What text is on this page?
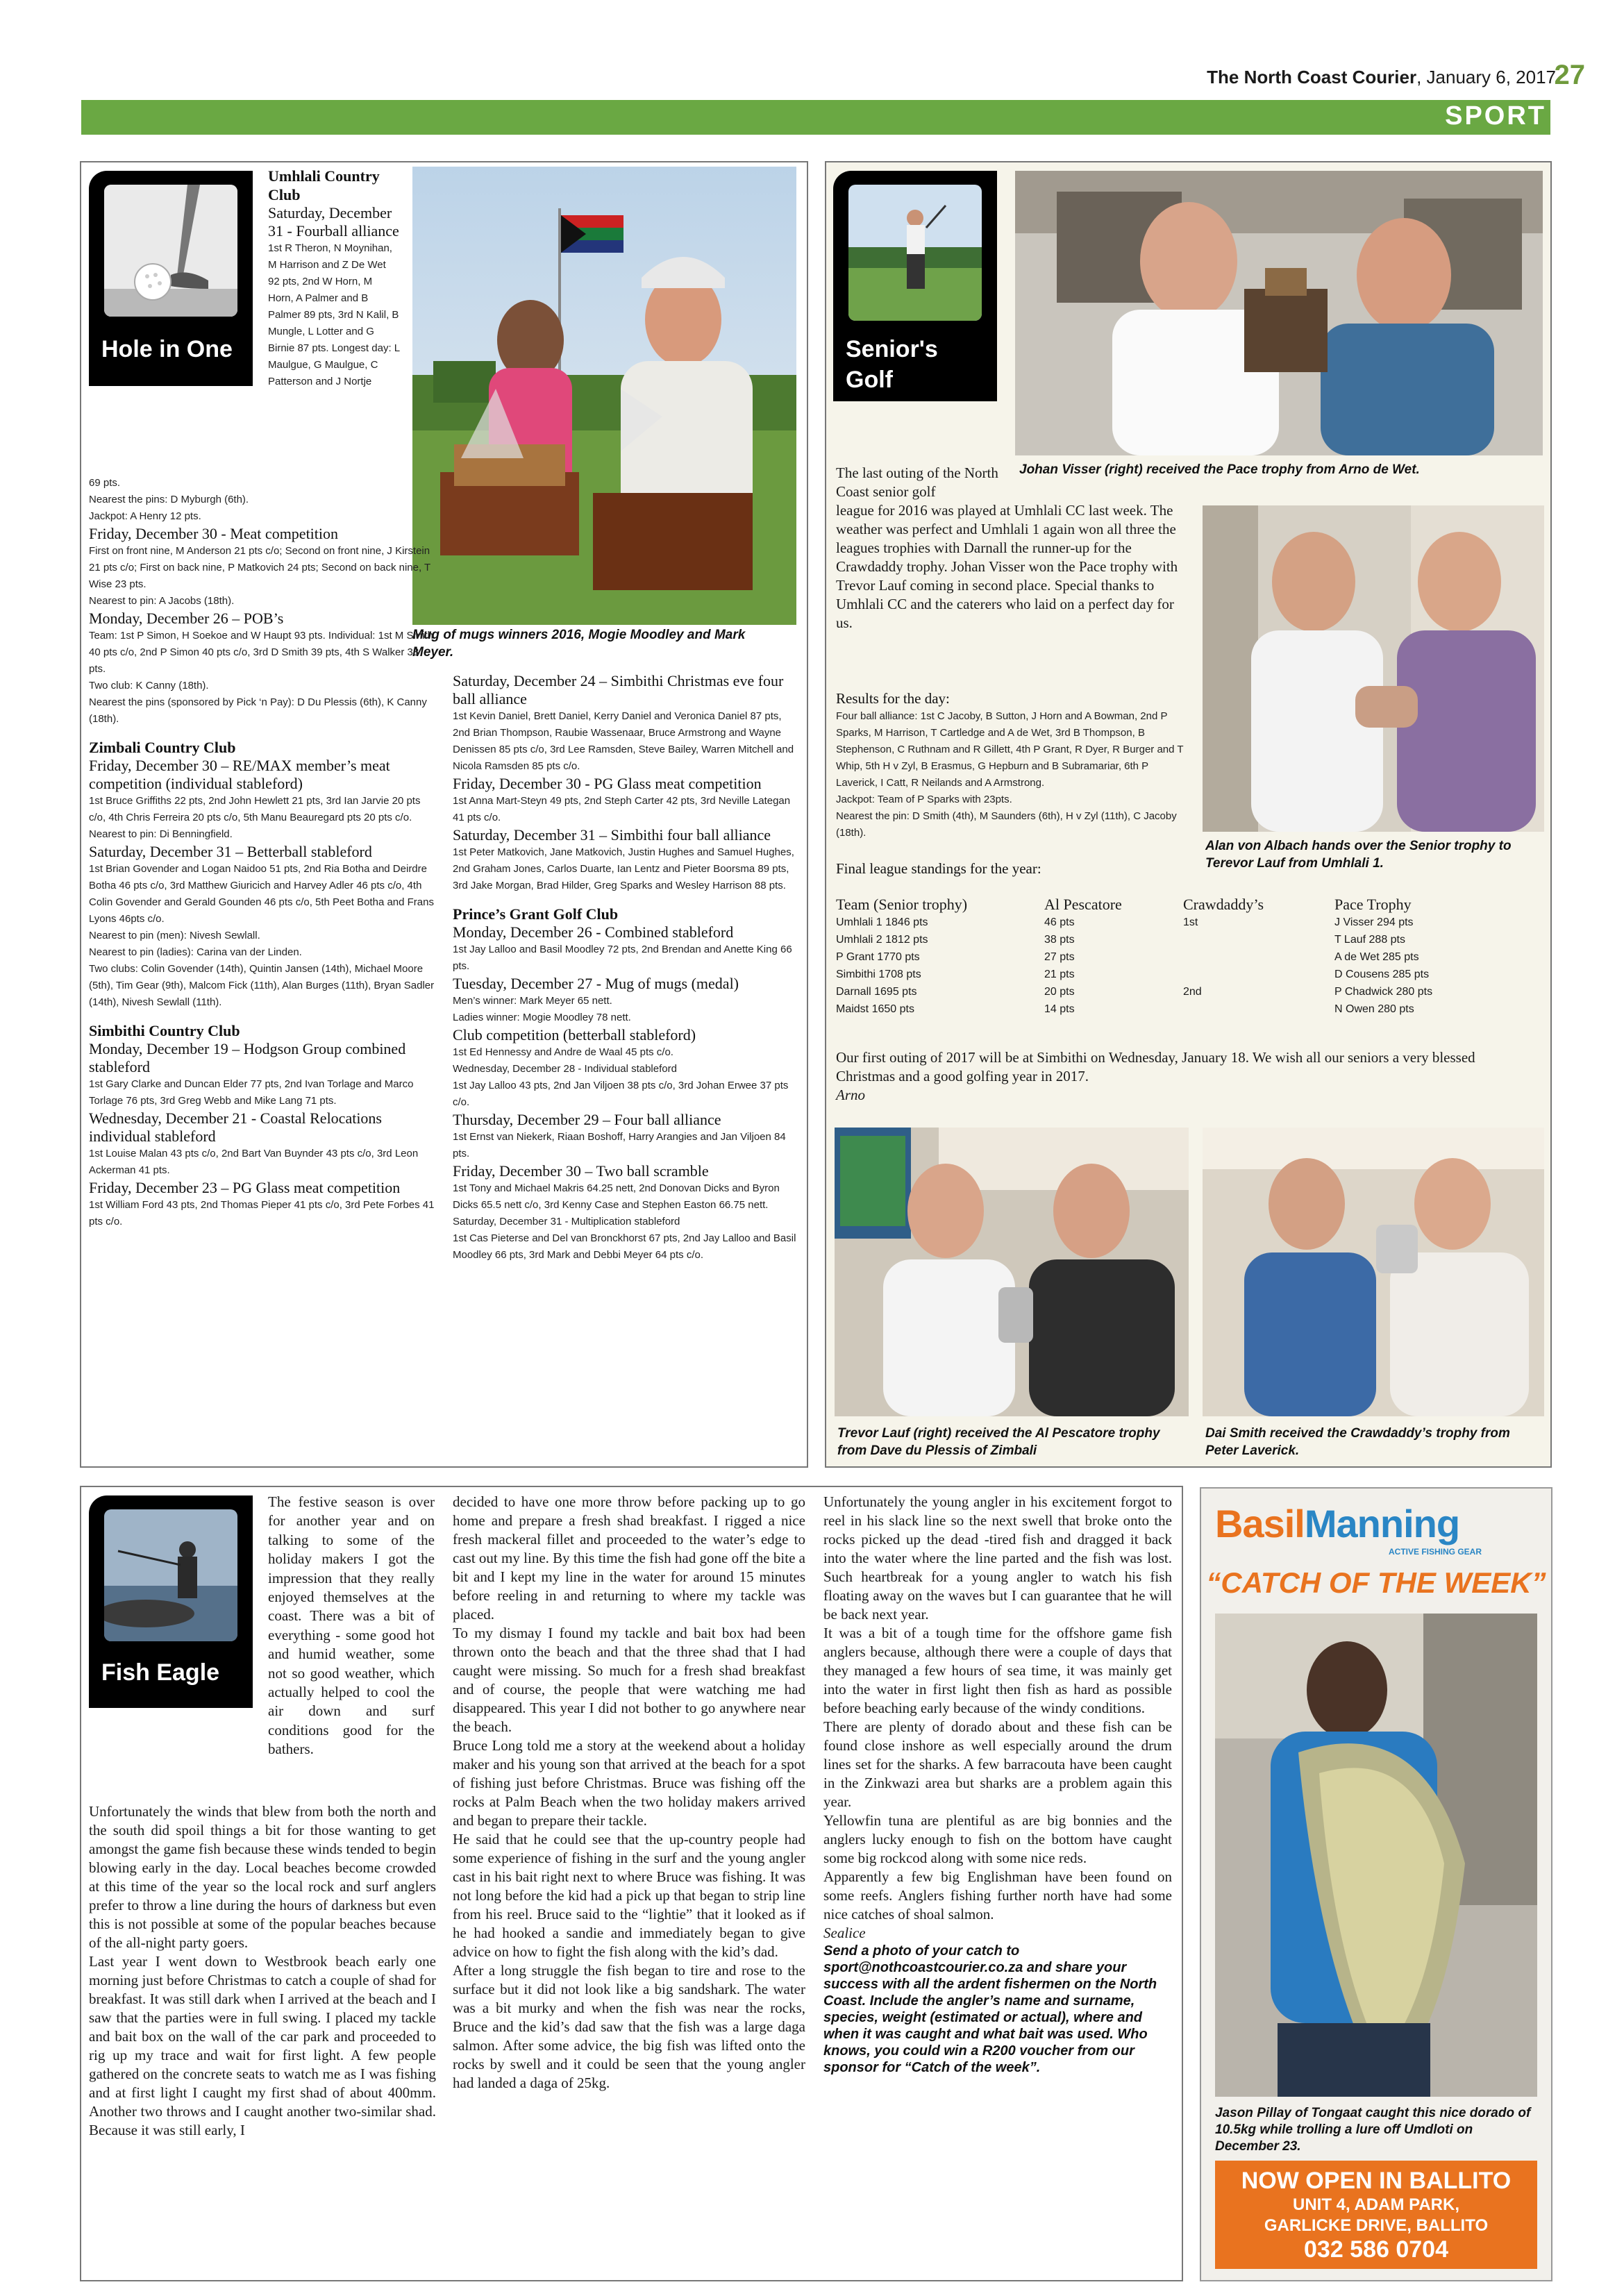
The North Coast Courier, January 6, 2017
27
SPORT
Hole in One
Umhlali Country Club
Saturday, December 31 - Fourball alliance
1st R Theron, N Moynihan, M Harrison and Z De Wet 92 pts, 2nd W Horn, M Horn, A Palmer and B Palmer 89 pts, 3rd N Kalil, B Mungle, L Lotter and G Birnie 87 pts. Longest day: L Maulgue, G Maulgue, C Patterson and J Nortje
Mug of mugs winners 2016, Mogie Moodley and Mark Meyer.
69 pts.
Nearest the pins: D Myburgh (6th).
Jackpot: A Henry 12 pts.
Friday, December 30 - Meat competition
First on front nine, M Anderson 21 pts c/o; Second on front nine, J Kirstein 21 pts c/o; First on back nine, P Matkovich 24 pts; Second on back nine, T Wise 23 pts.
Nearest to pin: A Jacobs (18th).
Monday, December 26 – POB’s
Team: 1st P Simon, H Soekoe and W Haupt 93 pts. Individual: 1st M Smith 40 pts c/o, 2nd P Simon 40 pts c/o, 3rd D Smith 39 pts, 4th S Walker 38 pts.
Two club: K Canny (18th).
Nearest the pins (sponsored by Pick ‘n Pay): D Du Plessis (6th), K Canny (18th).
Zimbali Country Club
Friday, December 30 – RE/MAX member’s meat competition (individual stableford)
1st Bruce Griffiths 22 pts, 2nd John Hewlett 21 pts, 3rd Ian Jarvie 20 pts c/o, 4th Chris Ferreira 20 pts c/o, 5th Manu Beauregard pts 20 pts c/o.
Nearest to pin: Di Benningfield.
Saturday, December 31 – Betterball stableford
1st Brian Govender and Logan Naidoo 51 pts, 2nd Ria Botha and Deirdre Botha 46 pts c/o, 3rd Matthew Giuricich and Harvey Adler 46 pts c/o, 4th Colin Govender and Gerald Gounden 46 pts c/o, 5th Peet Botha and Frans Lyons 46pts c/o.
Nearest to pin (men): Nivesh Sewlall.
Nearest to pin (ladies): Carina van der Linden.
Two clubs: Colin Govender (14th), Quintin Jansen (14th), Michael Moore (5th), Tim Gear (9th), Malcom Fick (11th), Alan Burges (11th), Bryan Sadler (14th), Nivesh Sewlall (11th).
Simbithi Country Club
Monday, December 19 – Hodgson Group combined stableford
1st Gary Clarke and Duncan Elder 77 pts, 2nd Ivan Torlage and Marco Torlage 76 pts, 3rd Greg Webb and Mike Lang 71 pts.
Wednesday, December 21 - Coastal Relocations individual stableford
1st Louise Malan 43 pts c/o, 2nd Bart Van Buynder 43 pts c/o, 3rd Leon Ackerman 41 pts.
Friday, December 23 – PG Glass meat competition
1st William Ford 43 pts, 2nd Thomas Pieper 41 pts c/o, 3rd Pete Forbes 41 pts c/o.
Saturday, December 24 – Simbithi Christmas eve four ball alliance
1st Kevin Daniel, Brett Daniel, Kerry Daniel and Veronica Daniel 87 pts, 2nd Brian Thompson, Raubie Wassenaar, Bruce Armstrong and Wayne Denissen 85 pts c/o, 3rd Lee Ramsden, Steve Bailey, Warren Mitchell and Nicola Ramsden 85 pts c/o.
Friday, December 30 - PG Glass meat competition
1st Anna Mart-Steyn 49 pts, 2nd Steph Carter 42 pts, 3rd Neville Lategan 41 pts c/o.
Saturday, December 31 – Simbithi four ball alliance
1st Peter Matkovich, Jane Matkovich, Justin Hughes and Samuel Hughes, 2nd Graham Jones, Carlos Duarte, Ian Lentz and Pieter Boorsma 89 pts, 3rd Jake Morgan, Brad Hilder, Greg Sparks and Wesley Harrison 88 pts.
Prince’s Grant Golf Club
Monday, December 26 - Combined stableford
1st Jay Lalloo and Basil Moodley 72 pts, 2nd Brendan and Anette King 66 pts.
Tuesday, December 27 - Mug of mugs (medal)
Men’s winner: Mark Meyer 65 nett.
Ladies winner: Mogie Moodley 78 nett.
Club competition (betterball stableford)
1st Ed Hennessy and Andre de Waal 45 pts c/o.
Wednesday, December 28 - Individual stableford
1st Jay Lalloo 43 pts, 2nd Jan Viljoen 38 pts c/o, 3rd Johan Erwee 37 pts c/o.
Thursday, December 29 – Four ball alliance
1st Ernst van Niekerk, Riaan Boshoff, Harry Arangies and Jan Viljoen 84 pts.
Friday, December 30 – Two ball scramble
1st Tony and Michael Makris 64.25 nett, 2nd Donovan Dicks and Byron Dicks 65.5 nett c/o, 3rd Kenny Case and Stephen Easton 66.75 nett.
Saturday, December 31 - Multiplication stableford
1st Cas Pieterse and Del van Bronckhorst 67 pts, 2nd Jay Lalloo and Basil Moodley 66 pts, 3rd Mark and Debbi Meyer 64 pts c/o.
Senior's
Golf
Johan Visser (right) received the Pace trophy from Arno de Wet.
The last outing of the North Coast senior golf
league for 2016 was played at Umhlali CC last week. The weather was perfect and Umhlali 1 again won all three the leagues trophies with Darnall the runner-up for the Crawdaddy trophy. Johan Visser won the Pace trophy with Trevor Lauf coming in second place. Special thanks to Umhlali CC and the caterers who laid on a perfect day for us.
Results for the day:
Four ball alliance: 1st C Jacoby, B Sutton, J Horn and A Bowman, 2nd P Sparks, M Harrison, T Cartledge and A de Wet, 3rd B Thompson, B Stephenson, C Ruthnam and R Gillett, 4th P Grant, R Dyer, R Burger and T Whip, 5th H v Zyl, B Erasmus, G Hepburn and B Subramariar, 6th P Laverick, I Catt, R Neilands and A Armstrong.
Jackpot: Team of P Sparks with 23pts.
Nearest the pin: D Smith (4th), M Saunders (6th), H v Zyl (11th), C Jacoby (18th).
Alan von Albach hands over the Senior trophy to Terevor Lauf from Umhlali 1.
Final league standings for the year:
Team (Senior trophy)	Al Pescatore	Crawdaddy’s	Pace Trophy
Umhlali 1 1846 pts	46 pts	1st	J Visser 294 pts
Umhlali 2 1812 pts	38 pts		T Lauf 288 pts
P Grant 1770 pts	27 pts		A de Wet 285 pts
Simbithi 1708 pts	21 pts		D Cousens 285 pts
Darnall 1695 pts	20 pts	2nd	P Chadwick 280 pts
Maidst 1650 pts	14 pts		N Owen 280 pts
Our first outing of 2017 will be at Simbithi on Wednesday, January 18. We wish all our seniors a very blessed Christmas and a good golfing year in 2017.
Arno
Trevor Lauf (right) received the Al Pescatore trophy from Dave du Plessis of Zimbali
Dai Smith received the Crawdaddy’s trophy from Peter Laverick.
Fish Eagle
The festive season is over for another year and on talking to some of the holiday makers I got the impression that they really enjoyed themselves at the coast. There was a bit of everything - some good hot and humid weather, some not so good weather, which actually helped to cool the air down and surf conditions good for the bathers.
Unfortunately the winds that blew from both the north and the south did spoil things a bit for those wanting to get amongst the game fish because these winds tended to begin blowing early in the day. Local beaches become crowded at this time of the year so the local rock and surf anglers prefer to throw a line during the hours of darkness but even this is not possible at some of the popular beaches because of the all-night party goers.
Last year I went down to Westbrook beach early one morning just before Christmas to catch a couple of shad for breakfast. It was still dark when I arrived at the beach and I saw that the parties were in full swing. I placed my tackle and bait box on the wall of the car park and proceeded to rig up my trace and wait for first light. A few people gathered on the concrete seats to watch me as I was fishing and at first light I caught my first shad of about 400mm. Another two throws and I caught another two-similar shad. Because it was still early, I
decided to have one more throw before packing up to go home and prepare a fresh shad breakfast. I rigged a nice fresh mackeral fillet and proceeded to the water’s edge to cast out my line. By this time the fish had gone off the bite a bit and I kept my line in the water for around 15 minutes before reeling in and returning to where my tackle was placed.
To my dismay I found my tackle and bait box had been thrown onto the beach and that the three shad that I had caught were missing. So much for a fresh shad breakfast and of course, the people that were watching me had disappeared. This year I did not bother to go anywhere near the beach.
Bruce Long told me a story at the weekend about a holiday maker and his young son that arrived at the beach for a spot of fishing just before Christmas. Bruce was fishing off the rocks at Palm Beach when the two holiday makers arrived and began to prepare their tackle.
He said that he could see that the up-country people had some experience of fishing in the surf and the young angler cast in his bait right next to where Bruce was fishing. It was not long before the kid had a pick up that began to strip line from his reel. Bruce said to the “lightie” that it looked as if he had hooked a sandie and immediately began to give advice on how to fight the fish along with the kid’s dad.
After a long struggle the fish began to tire and rose to the surface but it did not look like a big sandshark. The water was a bit murky and when the fish was near the rocks, Bruce and the kid’s dad saw that the fish was a large daga salmon. After some advice, the big fish was lifted onto the rocks by swell and it could be seen that the young angler had landed a daga of 25kg.
Unfortunately the young angler in his excitement forgot to reel in his slack line so the next swell that broke onto the rocks picked up the dead -tired fish and dragged it back into the water where the line parted and the fish was lost. Such heartbreak for a young angler to watch his fish floating away on the waves but I can guarantee that he will be back next year.
It was a bit of a tough time for the offshore game fish anglers because, although there were a couple of days that they managed a few hours of sea time, it was mainly get into the water in first light then fish as hard as possible before beaching early because of the windy conditions.
There are plenty of dorado about and these fish can be found close inshore as well especially around the drum lines set for the sharks. A few barracouta have been caught in the Zinkwazi area but sharks are a problem again this year.
Yellowfin tuna are plentiful as are big bonnies and the anglers lucky enough to fish on the bottom have caught some big rockcod along with some nice reds.
Apparently a few big Englishman have been found on some reefs. Anglers fishing further north have had some nice catches of shoal salmon.
Sealice
Send a photo of your catch to sport@nothcoastcourier.co.za and share your success with all the ardent fishermen on the North Coast. Include the angler’s name and surname, species, weight (estimated or actual), where and when it was caught and what bait was used. Who knows, you could win a R200 voucher from our sponsor for “Catch of the week”.
BasilManning
ACTIVE FISHING GEAR
“CATCH OF THE WEEK”
Jason Pillay of Tongaat caught this nice dorado of 10.5kg while trolling a lure off Umdloti on December 23.
NOW OPEN IN BALLITO
UNIT 4, ADAM PARK,
GARLICKE DRIVE, BALLITO
032 586 0704
